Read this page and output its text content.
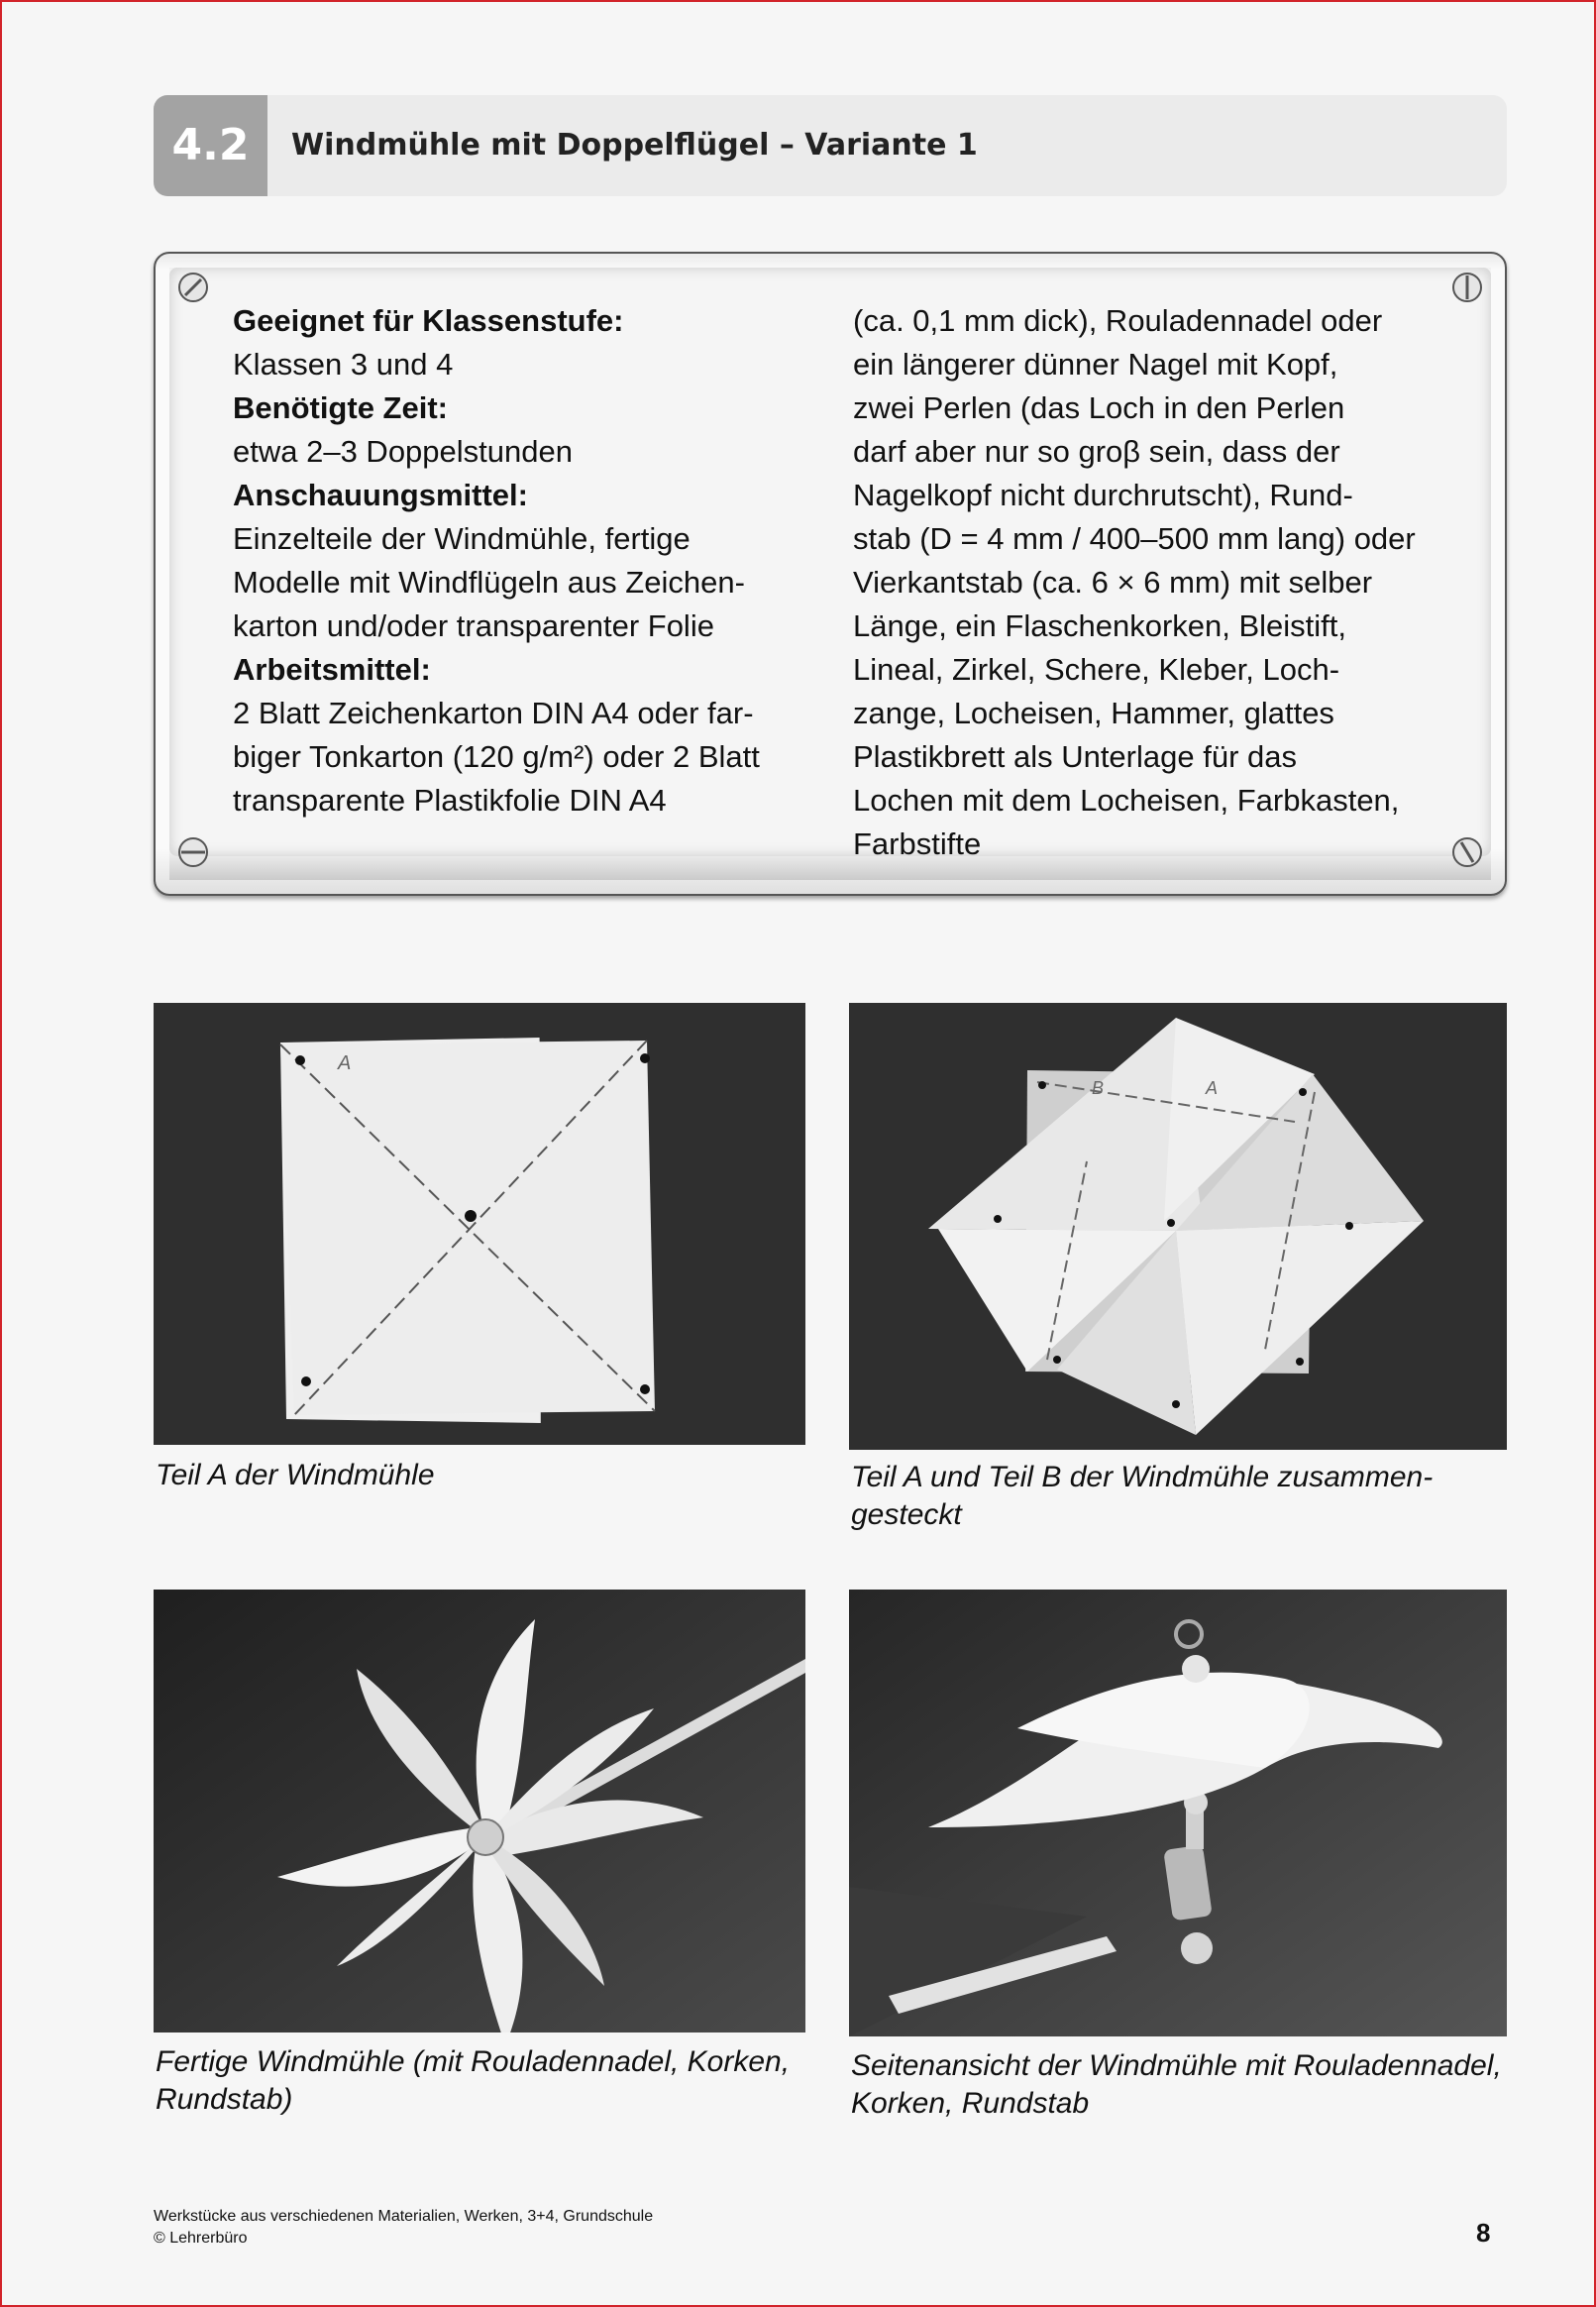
4.2	Windmühle mit Doppelflügel – Variante 1
Geeignet für Klassenstufe:
Klassen 3 und 4
Benötigte Zeit:
etwa 2–3 Doppelstunden
Anschauungsmittel:
Einzelteile der Windmühle, fertige
Modelle mit Windflügeln aus Zeichen-
karton und/oder transparenter Folie
Arbeitsmittel:
2 Blatt Zeichenkarton DIN A4 oder far-
biger Tonkarton (120 g/m²) oder 2 Blatt
transparente Plastikfolie DIN A4
(ca. 0,1 mm dick), Rouladennadel oder
ein längerer dünner Nagel mit Kopf,
zwei Perlen (das Loch in den Perlen
darf aber nur so groβ sein, dass der
Nagelkopf nicht durchrutscht), Rund-
stab (D = 4 mm / 400–500 mm lang) oder
Vierkantstab (ca. 6 × 6 mm) mit selber
Länge, ein Flaschenkorken, Bleistift,
Lineal, Zirkel, Schere, Kleber, Loch-
zange, Locheisen, Hammer, glattes
Plastikbrett als Unterlage für das
Lochen mit dem Locheisen, Farbkasten,
Farbstifte
A
Teil A der Windmühle
B	A
Teil A und Teil B der Windmühle zusammen-
gesteckt
Fertige Windmühle (mit Rouladennadel, Korken,
Rundstab)
Seitenansicht der Windmühle mit Rouladennadel,
Korken, Rundstab
Werkstücke aus verschiedenen Materialien, Werken, 3+4, Grundschule
© Lehrerbüro	8
